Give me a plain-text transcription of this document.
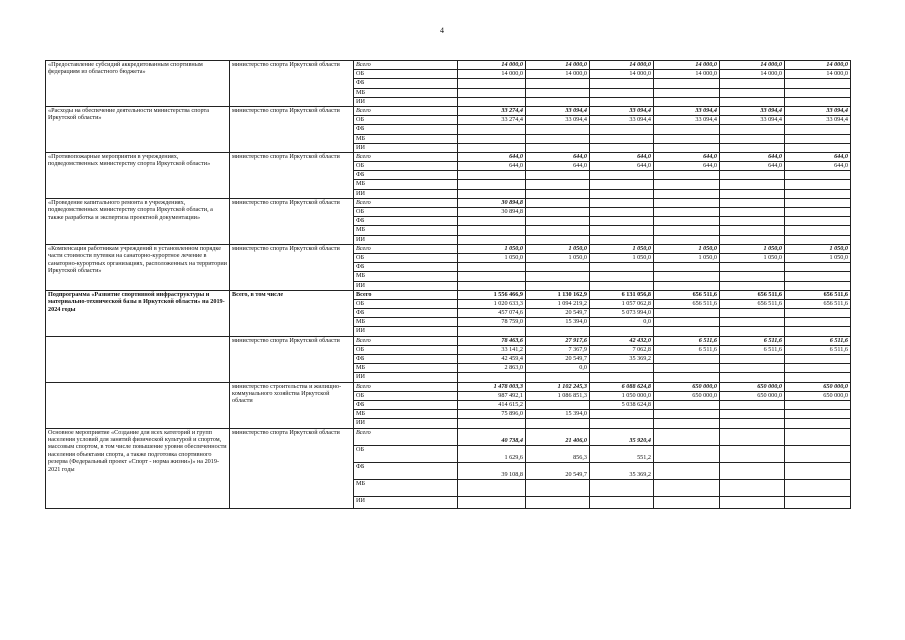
4
«Предоставление субсидий аккредитованным спортивным федерациям из областного бюджета»	министерство спорта Иркутской области	Всего	14 000,0	14 000,0	14 000,0	14 000,0	14 000,0	14 000,0
		ОБ	14 000,0	14 000,0	14 000,0	14 000,0	14 000,0	14 000,0
		ФБ						
		МБ						
		ИИ						
«Расходы на обеспечение деятельности министерства спорта Иркутской области»	министерство спорта Иркутской области	Всего	33 274,4	33 094,4	33 094,4	33 094,4	33 094,4	33 094,4
		ОБ	33 274,4	33 094,4	33 094,4	33 094,4	33 094,4	33 094,4
		ФБ						
		МБ						
		ИИ						
«Противопожарные мероприятия в учреждениях, подведомственных министерству спорта Иркутской области»	министерство спорта Иркутской области	Всего	644,0	644,0	644,0	644,0	644,0	644,0
		ОБ	644,0	644,0	644,0	644,0	644,0	644,0
		ФБ						
		МБ						
		ИИ						
«Проведение капитального ремонта в учреждениях, подведомственных министерству спорта Иркутской области, а также разработка и экспертиза проектной документации»	министерство спорта Иркутской области	Всего	30 894,8					
		ОБ	30 894,8					
		ФБ						
		МБ						
		ИИ						
«Компенсация работникам учреждений в установленном порядке части стоимости путевки на санаторно-курортное лечение в санаторно-курортных организациях, расположенных на территории Иркутской области»	министерство спорта Иркутской области	Всего	1 050,0	1 050,0	1 050,0	1 050,0	1 050,0	1 050,0
		ОБ	1 050,0	1 050,0	1 050,0	1 050,0	1 050,0	1 050,0
		ФБ						
		МБ						
		ИИ						
Подпрограмма «Развитие спортивной инфраструктуры и материально-технической базы в Иркутской области» на 2019-2024 годы	Всего, в том числе	Всего	1 556 466,9	1 130 162,9	6 131 056,8	656 511,6	656 511,6	656 511,6
		ОБ	1 020 633,3	1 094 219,2	1 057 062,8	656 511,6	656 511,6	656 511,6
		ФБ	457 074,6	20 549,7	5 073 994,0			
		МБ	78 759,0	15 394,0	0,0			
		ИИ						
	министерство спорта Иркутской области	Всего	78 463,6	27 917,6	42 432,0	6 511,6	6 511,6	6 511,6
		ОБ	33 141,2	7 367,9	7 062,8	6 511,6	6 511,6	6 511,6
		ФБ	42 459,4	20 549,7	35 369,2			
		МБ	2 863,0	0,0				
		ИИ						
	министерство строительства и жилищно-коммунального хозяйства Иркутской области	Всего	1 478 003,3	1 102 245,3	6 088 624,8	650 000,0	650 000,0	650 000,0
		ОБ	987 492,1	1 086 851,3	1 050 000,0	650 000,0	650 000,0	650 000,0
		ФБ	414 615,2		5 038 624,8			
		МБ	75 896,0	15 394,0				
		ИИ						
Основное мероприятие «Создание для всех категорий и групп населения условий для занятий физической культурой и спортом, массовым спортом, в том числе повышение уровня обеспеченности населения объектами спорта, а также подготовка спортивного резерва (Федеральный проект «Спорт - норма жизни»)» на 2019-2021 годы	министерство спорта Иркутской области	Всего	40 738,4	21 406,0	35 920,4			
		ОБ	1 629,6	856,3	551,2			
		ФБ	39 108,8	20 549,7	35 369,2			
		МБ						
		ИИ						
